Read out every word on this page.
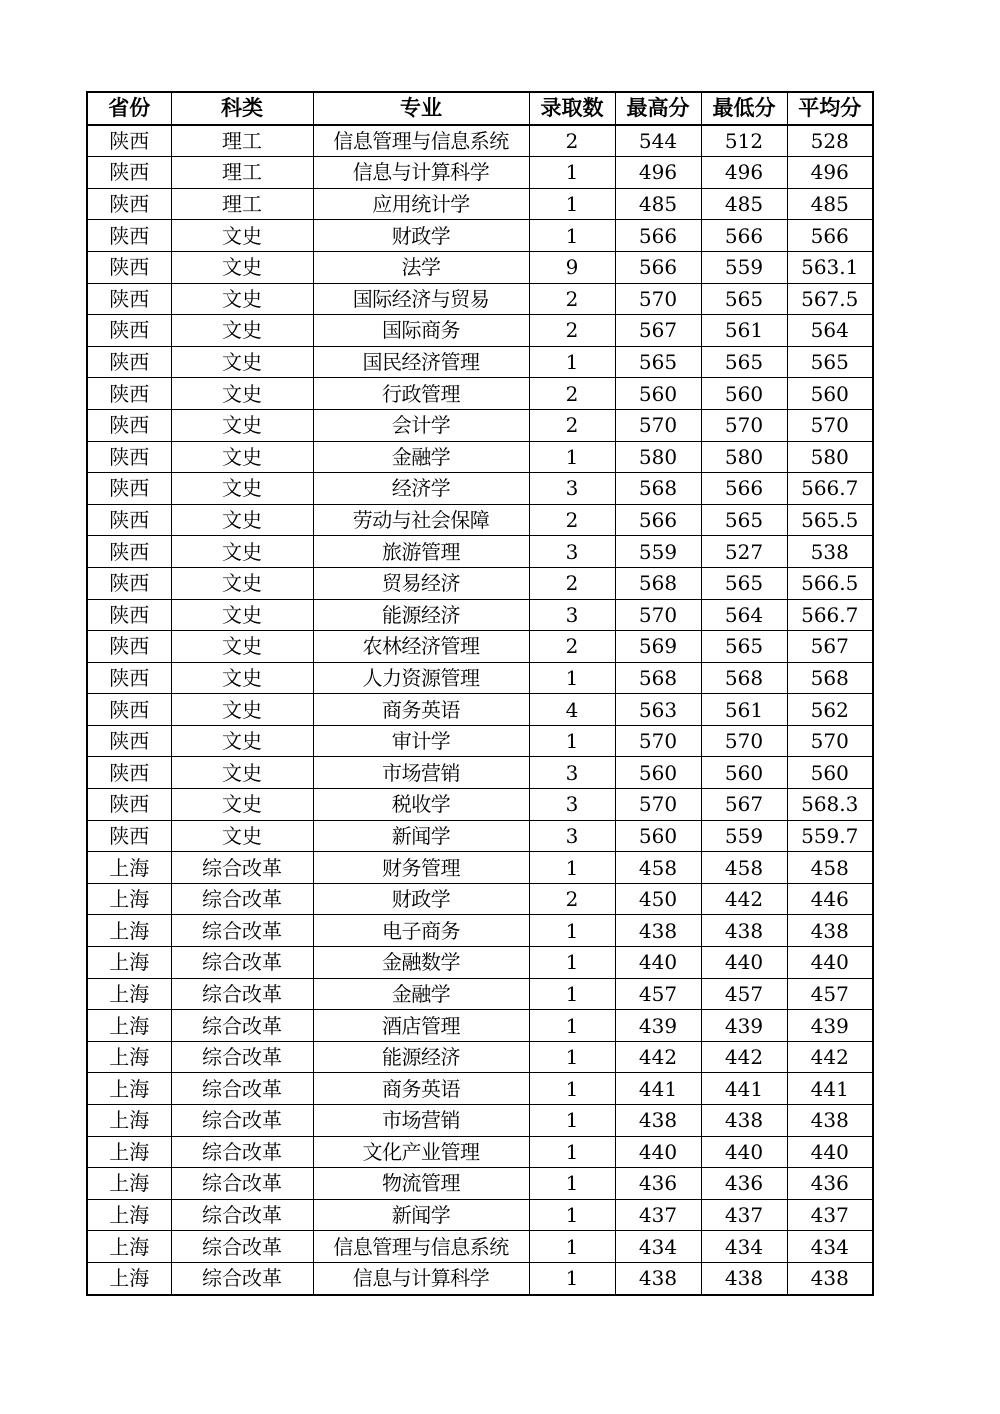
省份	科类	专业	录取数	最高分	最低分	平均分
陕西	理工	信息管理与信息系统	2	544	512	528
陕西	理工	信息与计算科学	1	496	496	496
陕西	理工	应用统计学	1	485	485	485
陕西	文史	财政学	1	566	566	566
陕西	文史	法学	9	566	559	563.1
陕西	文史	国际经济与贸易	2	570	565	567.5
陕西	文史	国际商务	2	567	561	564
陕西	文史	国民经济管理	1	565	565	565
陕西	文史	行政管理	2	560	560	560
陕西	文史	会计学	2	570	570	570
陕西	文史	金融学	1	580	580	580
陕西	文史	经济学	3	568	566	566.7
陕西	文史	劳动与社会保障	2	566	565	565.5
陕西	文史	旅游管理	3	559	527	538
陕西	文史	贸易经济	2	568	565	566.5
陕西	文史	能源经济	3	570	564	566.7
陕西	文史	农林经济管理	2	569	565	567
陕西	文史	人力资源管理	1	568	568	568
陕西	文史	商务英语	4	563	561	562
陕西	文史	审计学	1	570	570	570
陕西	文史	市场营销	3	560	560	560
陕西	文史	税收学	3	570	567	568.3
陕西	文史	新闻学	3	560	559	559.7
上海	综合改革	财务管理	1	458	458	458
上海	综合改革	财政学	2	450	442	446
上海	综合改革	电子商务	1	438	438	438
上海	综合改革	金融数学	1	440	440	440
上海	综合改革	金融学	1	457	457	457
上海	综合改革	酒店管理	1	439	439	439
上海	综合改革	能源经济	1	442	442	442
上海	综合改革	商务英语	1	441	441	441
上海	综合改革	市场营销	1	438	438	438
上海	综合改革	文化产业管理	1	440	440	440
上海	综合改革	物流管理	1	436	436	436
上海	综合改革	新闻学	1	437	437	437
上海	综合改革	信息管理与信息系统	1	434	434	434
上海	综合改革	信息与计算科学	1	438	438	438
